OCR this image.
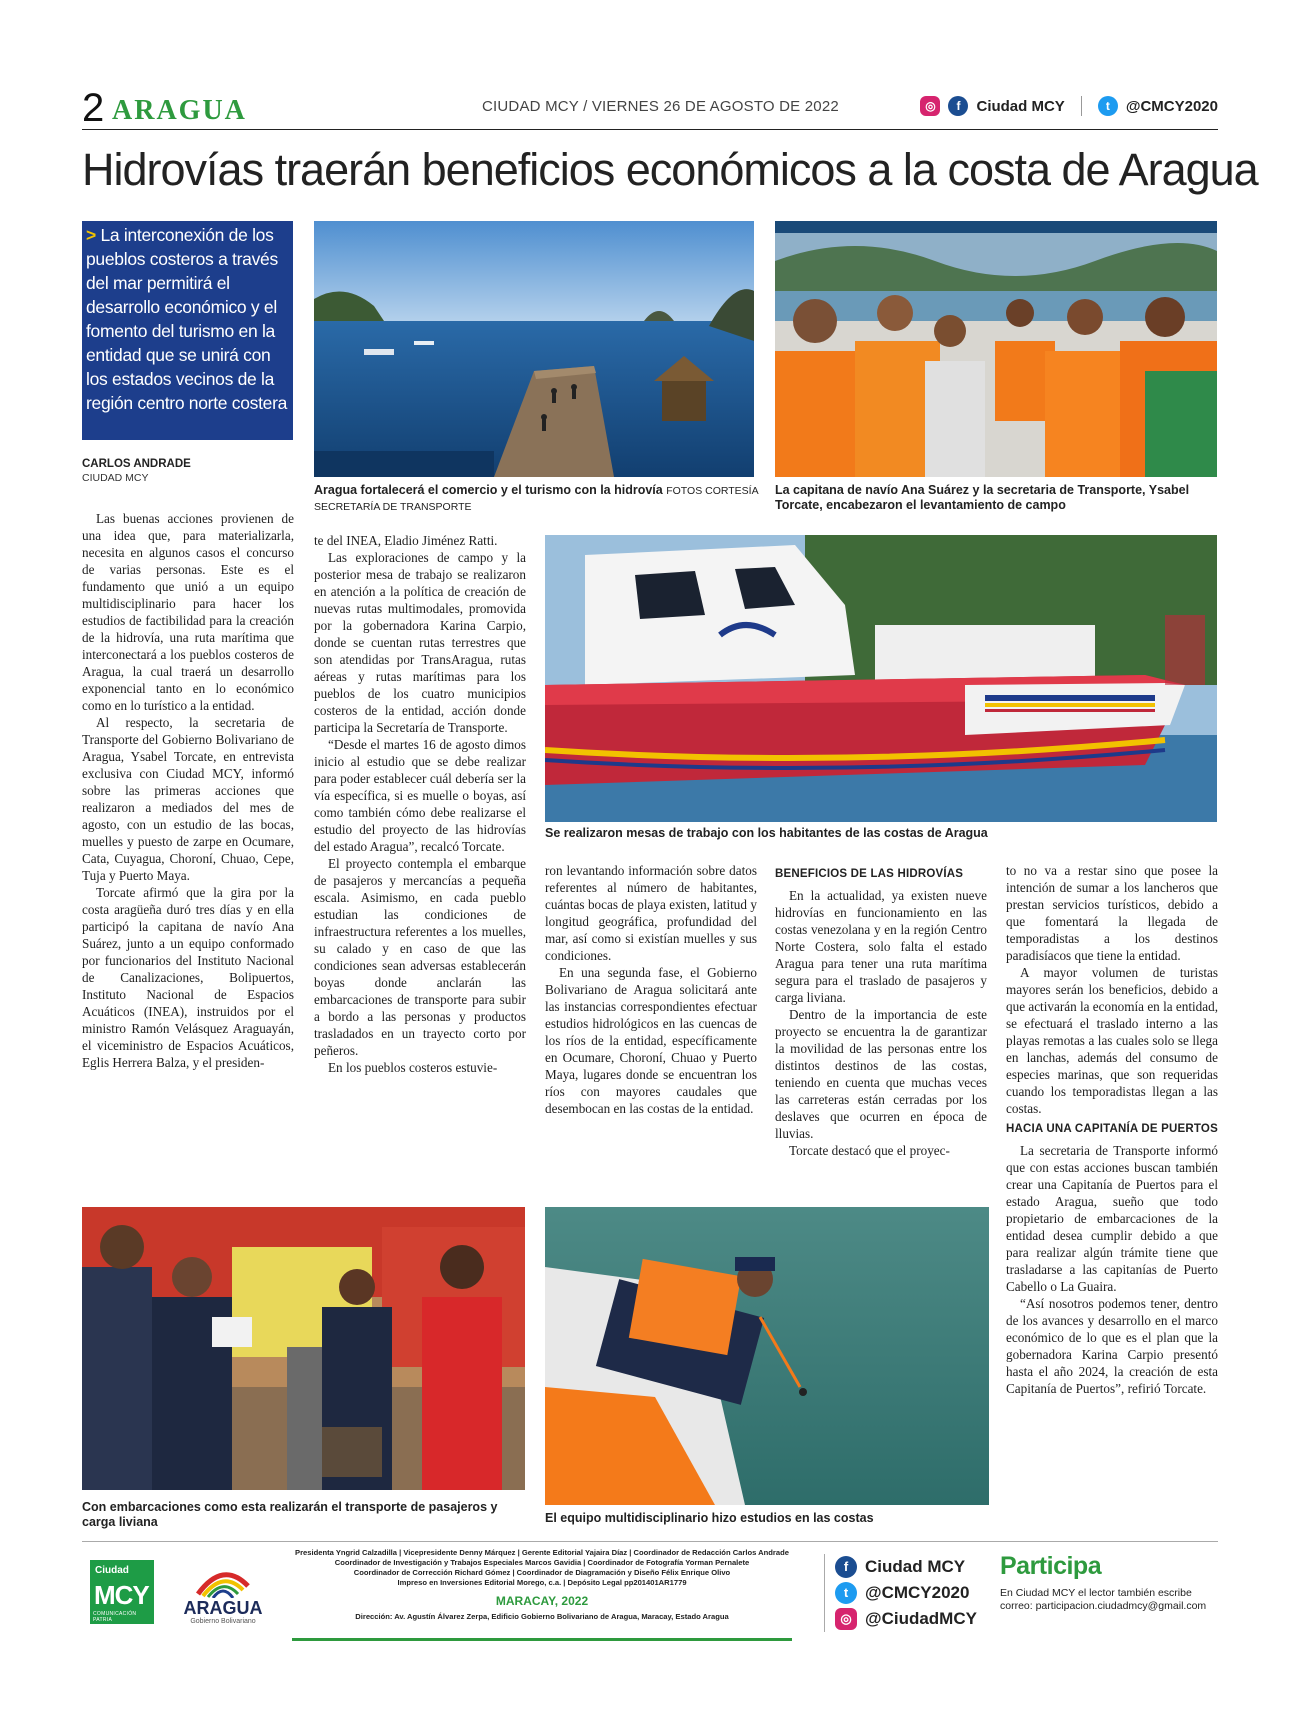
2 ARAGUA	CIUDAD MCY / VIERNES 26 DE AGOSTO DE 2022	◎	f	Ciudad MCY	t	@CMCY2020
Hidrovías traerán beneficios económicos a la costa de Aragua
> La interconexión de los pueblos costeros a través del mar permitirá el desarrollo económico y el fomento del turismo en la entidad que se unirá con los estados vecinos de la región centro norte costera
CARLOS ANDRADE
CIUDAD MCY
Aragua fortalecerá el comercio y el turismo con la hidrovía FOTOS CORTESÍA SECRETARÍA DE TRANSPORTE
La capitana de navío Ana Suárez y la secretaria de Transporte, Ysabel Torcate, encabezaron el levantamiento de campo
PLAYA MEDINA
APNN PJ 0022
Se realizaron mesas de trabajo con los habitantes de las costas de Aragua
Con embarcaciones como esta realizarán el transporte de pasajeros y carga liviana	El equipo multidisciplinario hizo estudios en las costas

Las buenas acciones provienen de una idea que, para materializarla, necesita en algunos casos el concurso de varias personas. Este es el fundamento que unió a un equipo multidisciplinario para hacer los estudios de factibilidad para la creación de la hidrovía, una ruta marítima que interconectará a los pueblos costeros de Aragua, la cual traerá un desarrollo exponencial tanto en lo económico como en lo turístico a la entidad.

Al respecto, la secretaria de Transporte del Gobierno Bolivariano de Aragua, Ysabel Torcate, en entrevista exclusiva con Ciudad MCY, informó sobre las primeras acciones que realizaron a mediados del mes de agosto, con un estudio de las bocas, muelles y puesto de zarpe en Ocumare, Cata, Cuyagua, Choroní, Chuao, Cepe, Tuja y Puerto Maya.

Torcate afirmó que la gira por la costa aragüeña duró tres días y en ella participó la capitana de navío Ana Suárez, junto a un equipo conformado por funcionarios del Instituto Nacional de Canalizaciones, Bolipuertos, Instituto Nacional de Espacios Acuáticos (INEA), instruidos por el ministro Ramón Velásquez Araguayán, el viceministro de Espacios Acuáticos, Eglis Herrera Balza, y el presiden-

te del INEA, Eladio Jiménez Ratti.

Las exploraciones de campo y la posterior mesa de trabajo se realizaron en atención a la política de creación de nuevas rutas multimodales, promovida por la gobernadora Karina Carpio, donde se cuentan rutas terrestres que son atendidas por TransAragua, rutas aéreas y rutas marítimas para los pueblos de los cuatro municipios costeros de la entidad, acción donde participa la Secretaría de Transporte.

“Desde el martes 16 de agosto dimos inicio al estudio que se debe realizar para poder establecer cuál debería ser la vía específica, si es muelle o boyas, así como también cómo debe realizarse el estudio del proyecto de las hidrovías del estado Aragua”, recalcó Torcate.

El proyecto contempla el embarque de pasajeros y mercancías a pequeña escala. Asimismo, en cada pueblo estudian las condiciones de infraestructura referentes a los muelles, su calado y en caso de que las condiciones sean adversas establecerán boyas donde anclarán las embarcaciones de transporte para subir a bordo a las personas y productos trasladados en un trayecto corto por peñeros.

En los pueblos costeros estuvie-

ron levantando información sobre datos referentes al número de habitantes, cuántas bocas de playa existen, latitud y longitud geográfica, profundidad del mar, así como si existían muelles y sus condiciones.

En una segunda fase, el Gobierno Bolivariano de Aragua solicitará ante las instancias correspondientes efectuar estudios hidrológicos en las cuencas de los ríos de la entidad, específicamente en Ocumare, Choroní, Chuao y Puerto Maya, lugares donde se encuentran los ríos con mayores caudales que desembocan en las costas de la entidad.

BENEFICIOS DE LAS HIDROVÍAS

En la actualidad, ya existen nueve hidrovías en funcionamiento en las costas venezolana y en la región Centro Norte Costera, solo falta el estado Aragua para tener una ruta marítima segura para el traslado de pasajeros y carga liviana.

Dentro de la importancia de este proyecto se encuentra la de garantizar la movilidad de las personas entre los distintos destinos de las costas, teniendo en cuenta que muchas veces las carreteras están cerradas por los deslaves que ocurren en época de lluvias.

Torcate destacó que el proyec-

to no va a restar sino que posee la intención de sumar a los lancheros que prestan servicios turísticos, debido a que fomentará la llegada de temporadistas a los destinos paradisíacos que tiene la entidad.

A mayor volumen de turistas mayores serán los beneficios, debido a que activarán la economía en la entidad, se efectuará el traslado interno a las playas remotas a las cuales solo se llega en lanchas, además del consumo de especies marinas, que son requeridas cuando los temporadistas llegan a las costas.

HACIA UNA CAPITANÍA DE PUERTOS

La secretaria de Transporte informó que con estas acciones buscan también crear una Capitanía de Puertos para el estado Aragua, sueño que todo propietario de embarcaciones de la entidad desea cumplir debido a que para realizar algún trámite tiene que trasladarse a las capitanías de Puerto Cabello o La Guaira.

“Así nosotros podemos tener, dentro de los avances y desarrollo en el marco económico de lo que es el plan que la gobernadora Karina Carpio presentó hasta el año 2024, la creación de esta Capitanía de Puertos”, refirió Torcate.

Ciudad
MCY
COMUNICACIÓN PATRIA
ARAGUA
Gobierno Bolivariano
Presidenta Yngrid Calzadilla | Vicepresidente Denny Márquez | Gerente Editorial Yajaira Díaz | Coordinador de Redacción Carlos Andrade
Coordinador de Investigación y Trabajos Especiales Marcos Gavidia | Coordinador de Fotografía Yorman Pernalete
Coordinador de Corrección Richard Gómez | Coordinador de Diagramación y Diseño Félix Enrique Olivo
Impreso en Inversiones Editorial Morego, c.a. | Depósito Legal pp201401AR1779
MARACAY, 2022
Dirección: Av. Agustín Álvarez Zerpa, Edificio Gobierno Bolivariano de Aragua, Maracay, Estado Aragua
f Ciudad MCY
t @CMCY2020
◎ @CiudadMCY
Participa
En Ciudad MCY el lector también escribe
correo: participacion.ciudadmcy@gmail.com
